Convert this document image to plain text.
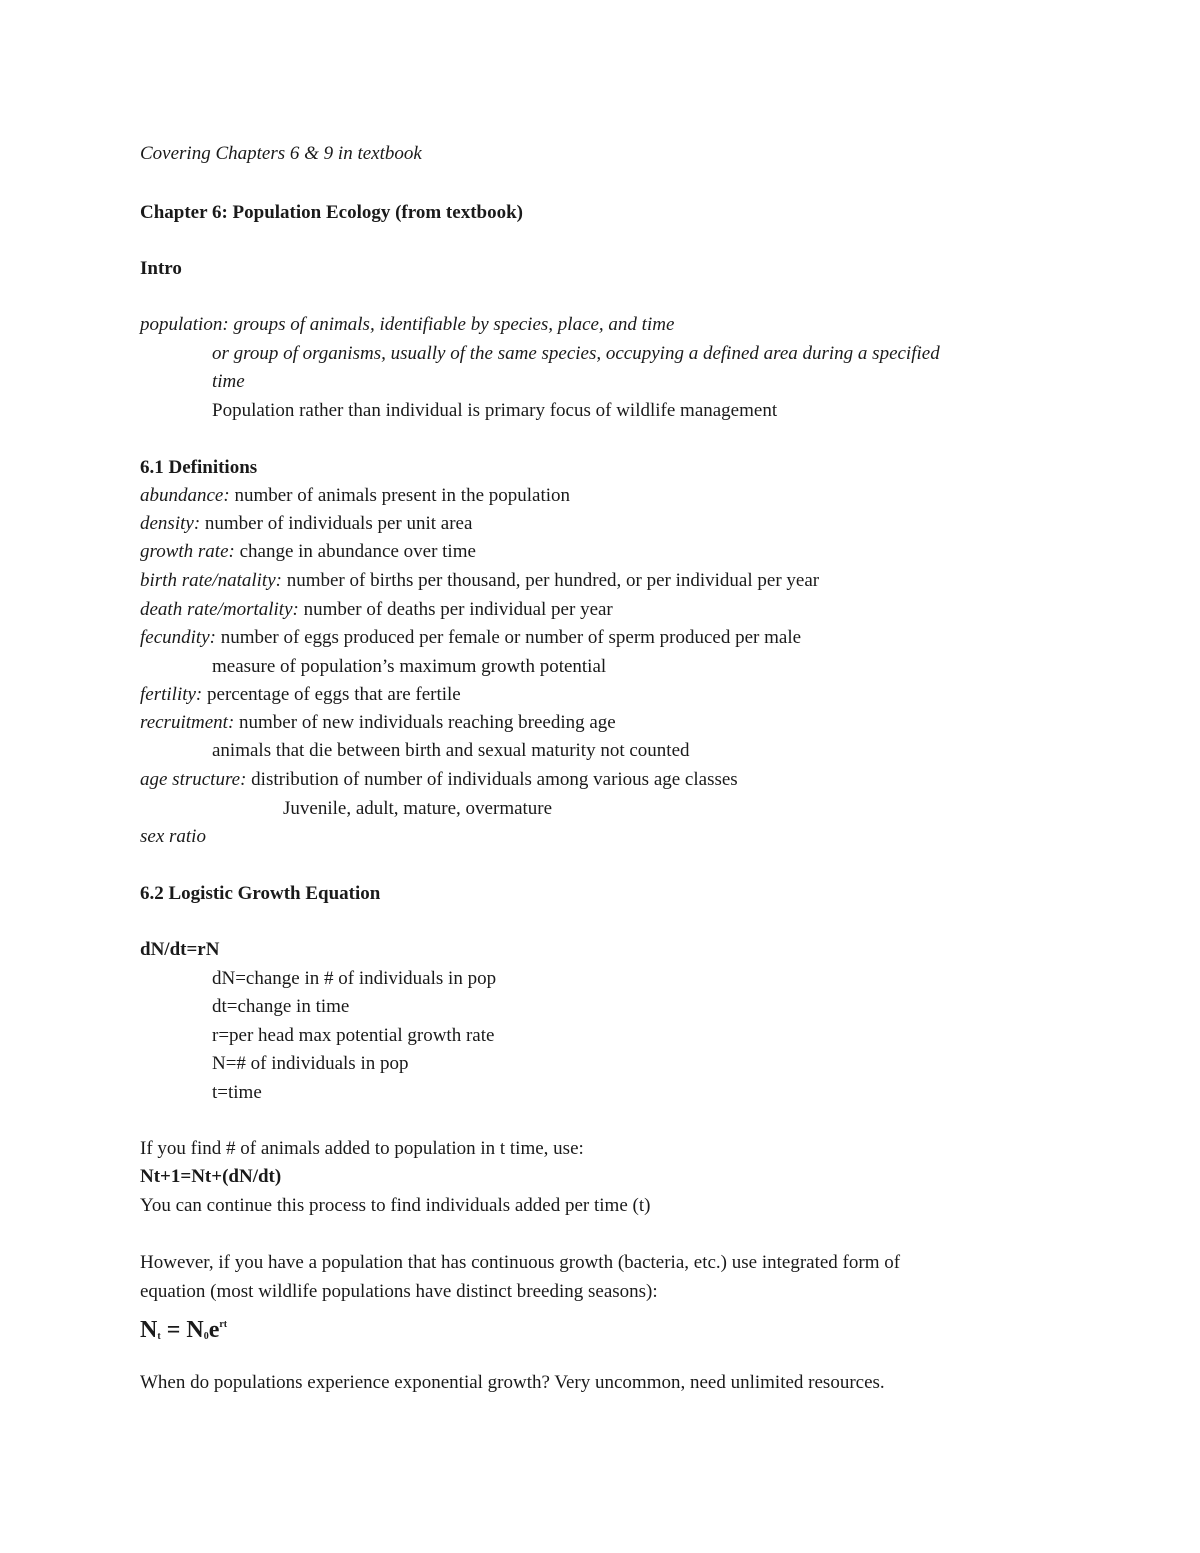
Covering Chapters 6 & 9 in textbook
Chapter 6: Population Ecology (from textbook)
Intro
population: groups of animals, identifiable by species, place, and time
or group of organisms, usually of the same species, occupying a defined area during a specified
time
Population rather than individual is primary focus of wildlife management
6.1 Definitions
abundance: number of animals present in the population
density: number of individuals per unit area
growth rate: change in abundance over time
birth rate/natality: number of births per thousand, per hundred, or per individual per year
death rate/mortality: number of deaths per individual per year
fecundity: number of eggs produced per female or number of sperm produced per male
measure of population’s maximum growth potential
fertility: percentage of eggs that are fertile
recruitment: number of new individuals reaching breeding age
animals that die between birth and sexual maturity not counted
age structure: distribution of number of individuals among various age classes
Juvenile, adult, mature, overmature
sex ratio
6.2 Logistic Growth Equation
dN/dt=rN
dN=change in # of individuals in pop
dt=change in time
r=per head max potential growth rate
N=# of individuals in pop
t=time
If you find # of animals added to population in t time, use:
Nt+1=Nt+(dN/dt)
You can continue this process to find individuals added per time (t)
However, if you have a population that has continuous growth (bacteria, etc.) use integrated form of
equation (most wildlife populations have distinct breeding seasons):
$N_t = N_0e^{rt}$
When do populations experience exponential growth? Very uncommon, need unlimited resources.
